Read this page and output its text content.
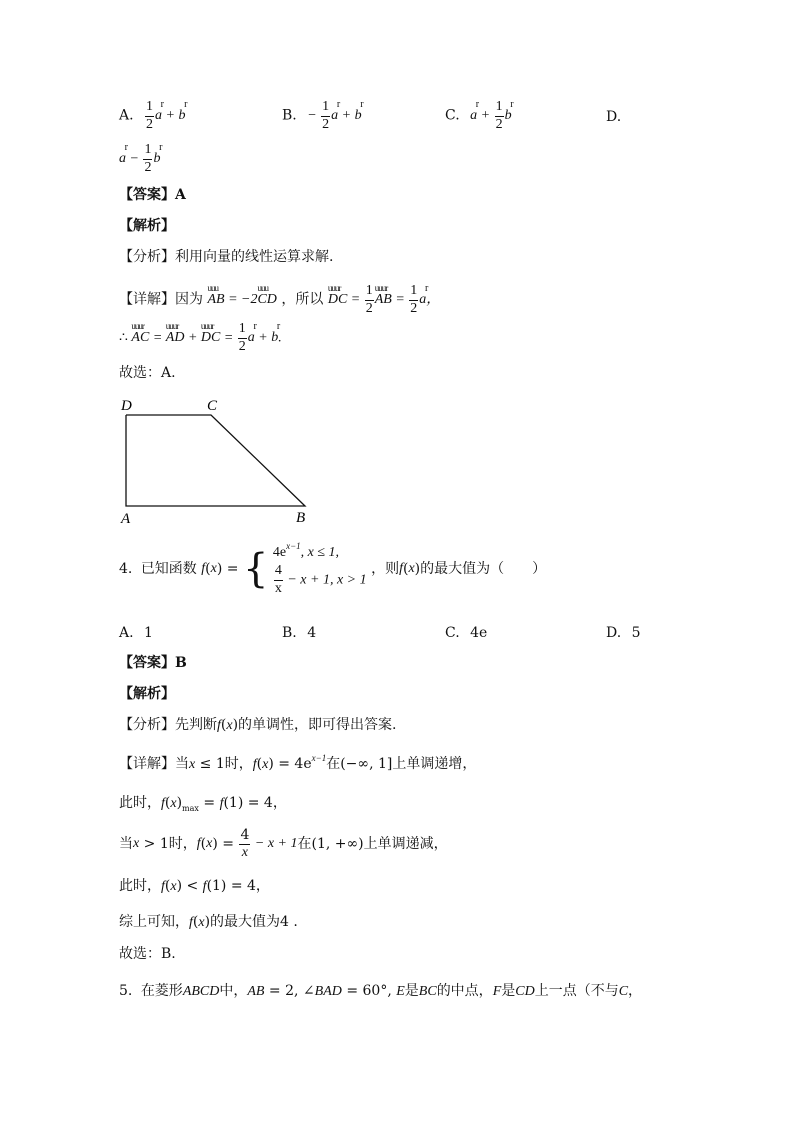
A. $\frac{1}{2}$ r a + r b	B. − $\frac{1}{2}$ r a + r b	C. r $a + \frac{1}{2}$ r b	D.
r $a - \frac{1}{2}$ r b
【答案】A
【解析】
【分析】利用向量的线性运算求解.
【详解】因为 uuu AB = −2uuu CD ，所以 uuur DC = $\frac{1}{2}$ uuur AB = $\frac{1}{2}$ r a，
∴ uuur AC = uuur AD + uuur DC = $\frac{1}{2}$ r a + r b.
故选：A.
D	C
A	B
4. 已知函数 f(x) = { $4e^{x-1}$, x ≤ 1,
$\frac{4}{x} - x + 1$, x > 1
，则f(x)的最大值为（　　）
A. 1	B. 4	C. 4e	D. 5
【答案】B
【解析】
【分析】先判断f(x)的单调性，即可得出答案.
【详解】当x ≤ 1时，$f(x) = 4e^{x-1}$在(−∞, 1]上单调递增，
此时，$f(x)_{max} = f(1) = 4$，
当x > 1时，$f(x) = \frac{4}{x} - x + 1$在(1, +∞)上单调递减，
此时，f(x) < f(1) = 4，
综上可知，f(x)的最大值为4 .
故选：B.
5. 在菱形ABCD中，AB = 2, ∠BAD = 60°, E是BC的中点，F是CD上一点（不与C，
